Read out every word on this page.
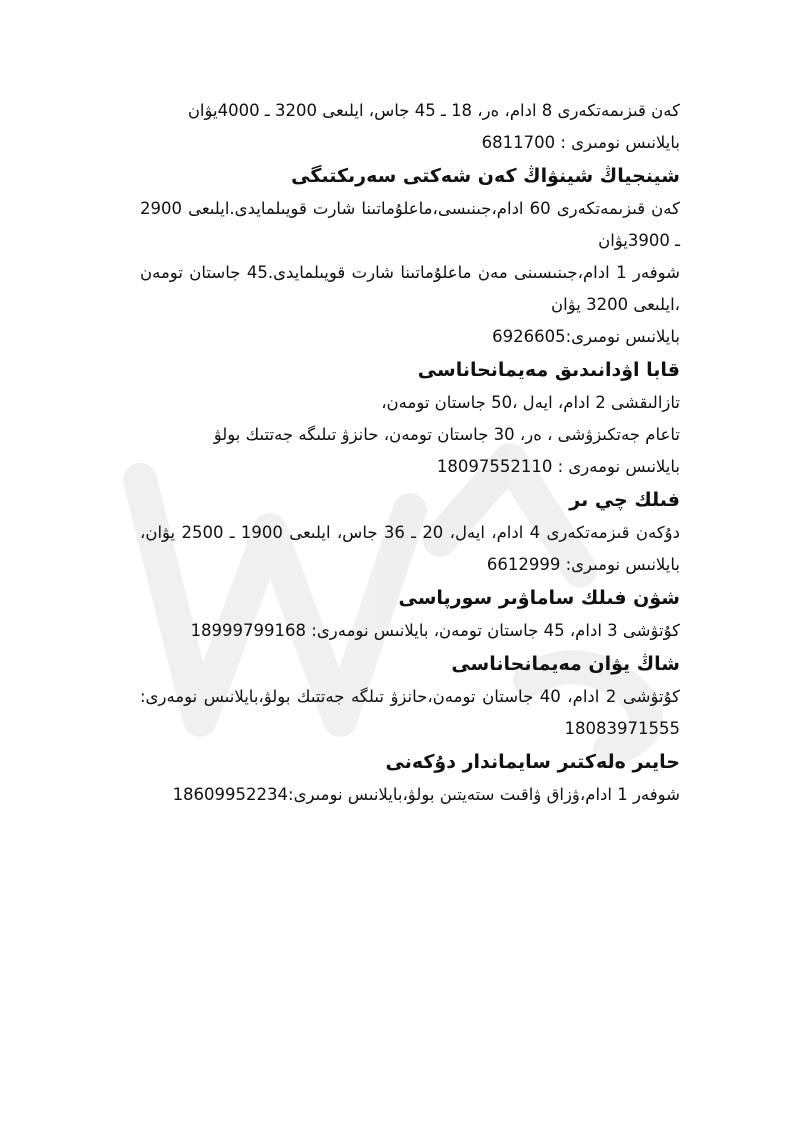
كەن قىزىمەتكەرى 8 ادام، ەر، 18 ـ 45 جاس، ايلىعى 3200 ـ 4000يۋان

بايلانىس نومىرى : 6811700

شينجياڭ شينۋاڭ كەن شەكتى سەرىكتىگى

كەن قىزىمەتكەرى 60 ادام،جىنىسى،ماعلۇماتىنا شارت قويىلمايدى.ايلىعى 2900 ـ 3900يۋان

شوفەر 1 ادام،جىنىسىنى مەن ماعلۇماتىنا شارت قويىلمايدى.45 جاستان تومەن ،ايلىعى 3200 يۋان

بايلانىس نومىرى:6926605

قابا اۋدانىدىق مەيمانحاناسى

تازالىقشى 2 ادام، ايەل ،50 جاستان تومەن،

تاعام جەتكىزۋشى ، ەر، 30 جاستان تومەن، حانزۋ تىلىگە جەتتىك بولۋ

بايلانىس نومەرى : 18097552110

فىلك چي ىر

دۇكەن قىزمەتكەرى 4 ادام، ايەل، 20 ـ 36 جاس، ايلىعى 1900 ـ 2500 يۋان، بايلانىس نومىرى: 6612999

شۋن فىلك ساماۋىر سورپاسى

كۇتۋشى 3 ادام، 45 جاستان تومەن، بايلانىس نومەرى: 18999799168

شاڭ يۋان مەيمانحاناسى

كۇتۋشى 2 ادام، 40 جاستان تومەن،حانزۋ تىلگە جەتتىك بولۋ،بايلانىس نومەرى: 18083971555

حايىر ەلەكتىر سايماندار دۇكەنى

شوفەر 1 ادام،ۋزاق ۋاقىت ستەيتىن بولۋ،بايلانىس نومىرى:18609952234
